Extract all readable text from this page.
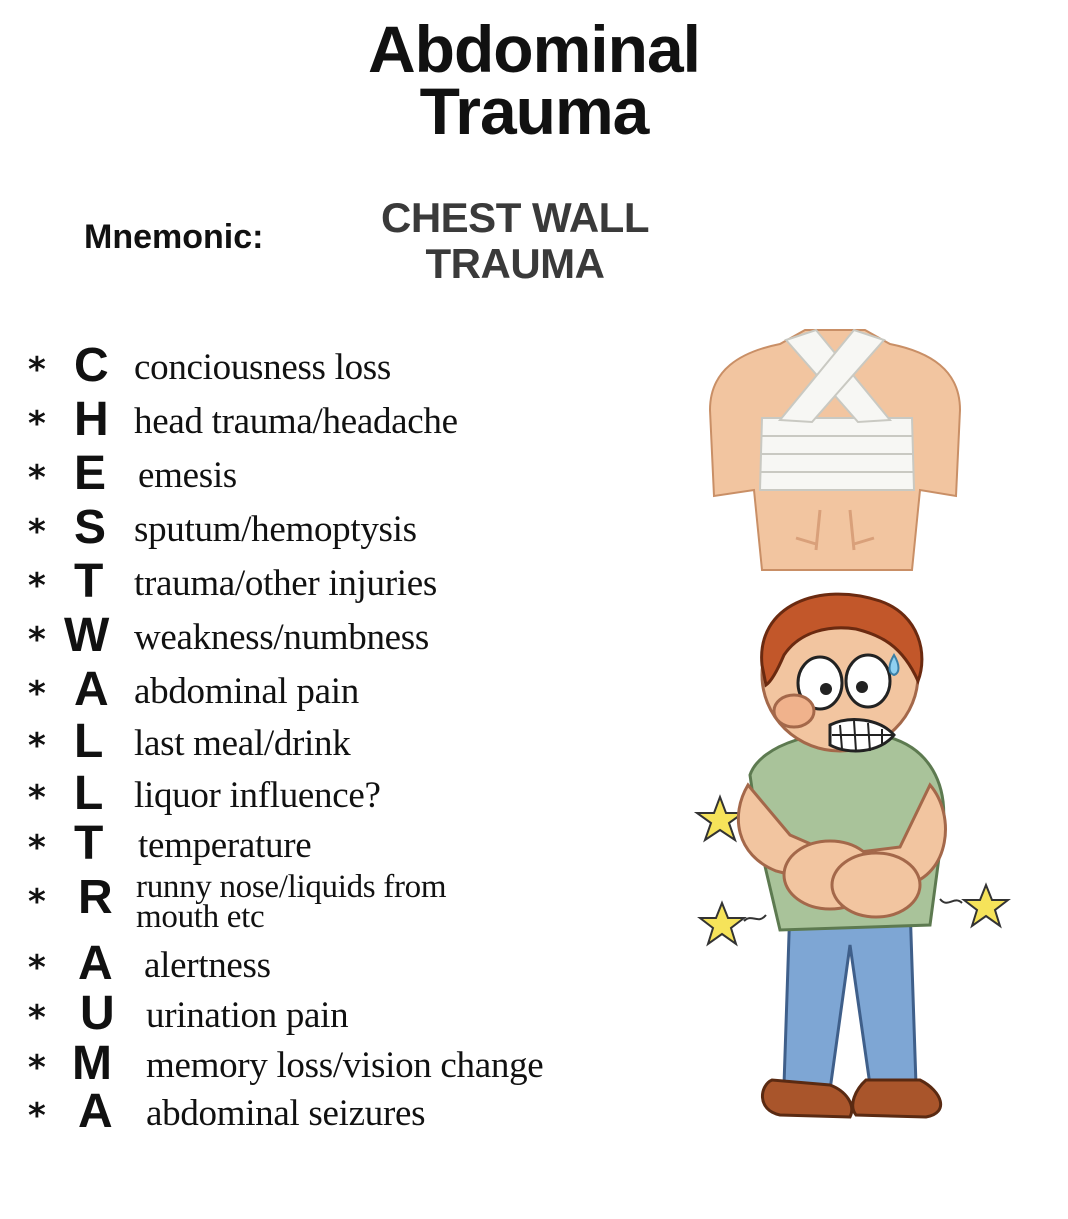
Abdominal
Trauma
Mnemonic:	CHEST WALL
TRAUMA
* C conciousness loss
* H head trauma/headache
* E emesis
* S sputum/hemoptysis
* T trauma/other injuries
* W weakness/numbness
* A abdominal pain
* L last meal/drink
* L liquor influence?
* T temperature
* R runny nose/liquids from
mouth etc
* A alertness
* U urination pain
* M memory loss/vision change
* A abdominal seizures
